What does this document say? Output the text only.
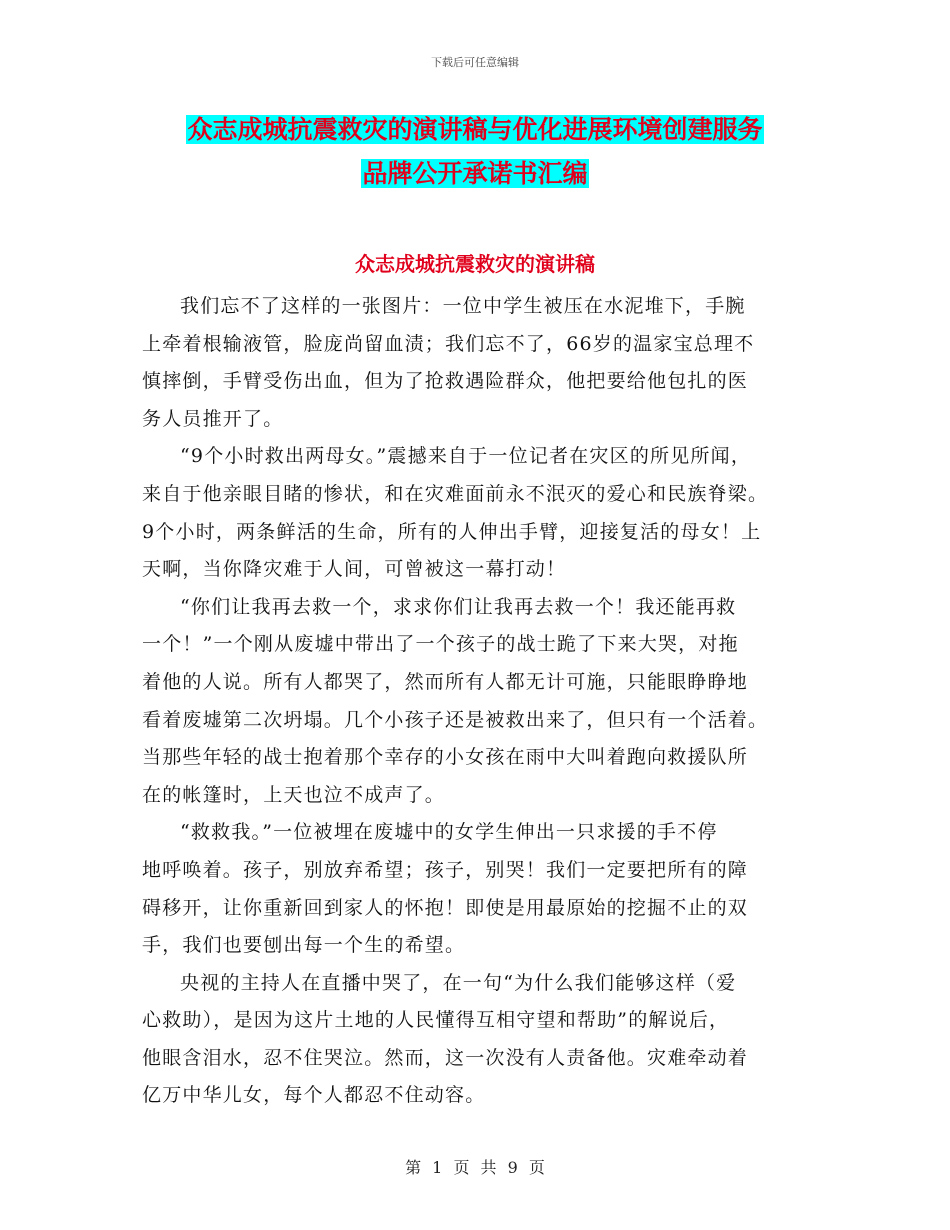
下载后可任意编辑
众志成城抗震救灾的演讲稿与优化进展环境创建服务
品牌公开承诺书汇编
众志成城抗震救灾的演讲稿

我们忘不了这样的一张图片：一位中学生被压在水泥堆下，手腕
上牵着根输液管，脸庞尚留血渍；我们忘不了，66岁的温家宝总理不
慎摔倒，手臂受伤出血，但为了抢救遇险群众，他把要给他包扎的医
务人员推开了。

“9个小时救出两母女。”震撼来自于一位记者在灾区的所见所闻，
来自于他亲眼目睹的惨状，和在灾难面前永不泯灭的爱心和民族脊梁。
9个小时，两条鲜活的生命，所有的人伸出手臂，迎接复活的母女！上
天啊，当你降灾难于人间，可曾被这一幕打动！

“你们让我再去救一个，求求你们让我再去救一个！我还能再救
一个！”一个刚从废墟中带出了一个孩子的战士跪了下来大哭，对拖
着他的人说。所有人都哭了，然而所有人都无计可施，只能眼睁睁地
看着废墟第二次坍塌。几个小孩子还是被救出来了，但只有一个活着。
当那些年轻的战士抱着那个幸存的小女孩在雨中大叫着跑向救援队所
在的帐篷时，上天也泣不成声了。

“救救我。”一位被埋在废墟中的女学生伸出一只求援的手不停
地呼唤着。孩子，别放弃希望；孩子，别哭！我们一定要把所有的障
碍移开，让你重新回到家人的怀抱！即使是用最原始的挖掘不止的双
手，我们也要刨出每一个生的希望。

央视的主持人在直播中哭了，在一句“为什么我们能够这样（爱
心救助），是因为这片土地的人民懂得互相守望和帮助”的解说后，
他眼含泪水，忍不住哭泣。然而，这一次没有人责备他。灾难牵动着
亿万中华儿女，每个人都忍不住动容。

第 1 页 共 9 页
